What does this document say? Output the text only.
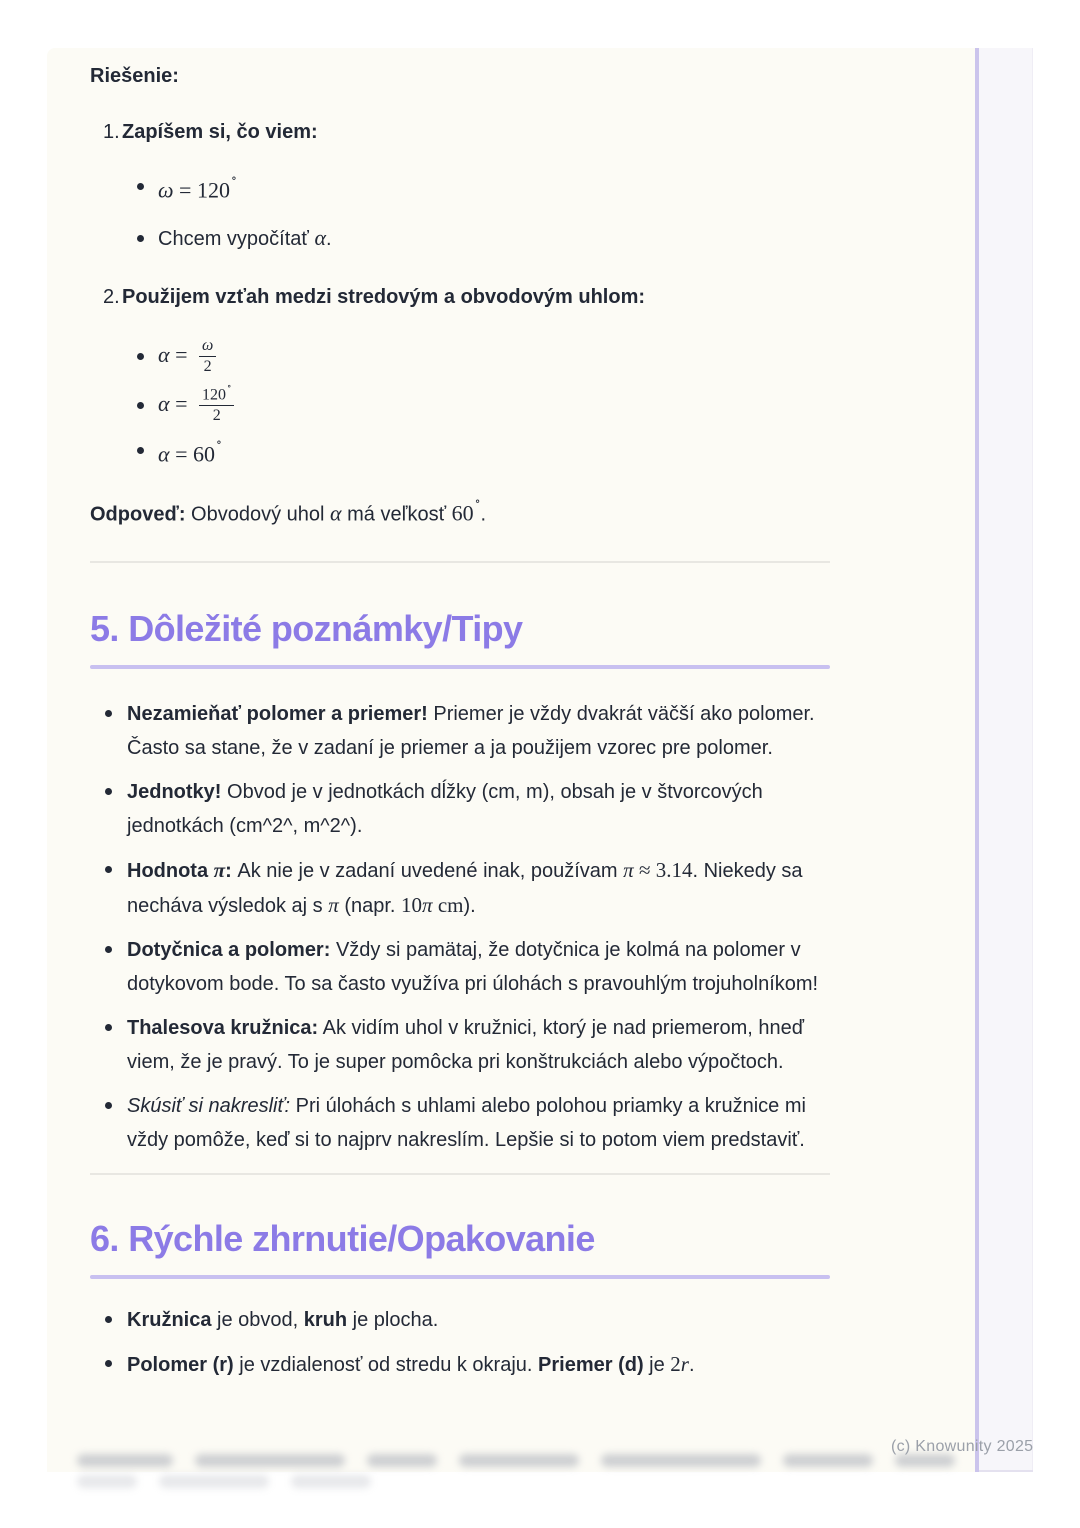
Riešenie:

1. Zapíšem si, čo viem:
ω = 120∘
Chcem vypočítať α.
2. Použijem vzťah medzi stredovým a obvodovým uhlom:
$\alpha = \frac{\omega}{2}$
$\alpha = \frac{120^\circ}{2}$
α = 60∘

Odpoveď: Obvodový uhol α má veľkosť 60∘.

5. Dôležité poznámky/Tipy

Nezamieňať polomer a priemer! Priemer je vždy dvakrát väčší ako polomer. Často sa stane, že v zadaní je priemer a ja použijem vzorec pre polomer.

Jednotky! Obvod je v jednotkách dĺžky (cm, m), obsah je v štvorcových jednotkách (cm^2^, m^2^).

Hodnota π: Ak nie je v zadaní uvedené inak, používam π ≈ 3.14. Niekedy sa necháva výsledok aj s π (napr. 10π cm).

Dotyčnica a polomer: Vždy si pamätaj, že dotyčnica je kolmá na polomer v dotykovom bode. To sa často využíva pri úlohách s pravouhlým trojuholníkom!

Thalesova kružnica: Ak vidím uhol v kružnici, ktorý je nad priemerom, hneď viem, že je pravý. To je super pomôcka pri konštrukciách alebo výpočtoch.

Skúsiť si nakresliť: Pri úlohách s uhlami alebo polohou priamky a kružnice mi vždy pomôže, keď si to najprv nakreslím. Lepšie si to potom viem predstaviť.

6. Rýchle zhrnutie/Opakovanie

Kružnica je obvod, kruh je plocha.

Polomer (r) je vzdialenosť od stredu k okraju. Priemer (d) je 2r.

(c) Knowunity 2025
